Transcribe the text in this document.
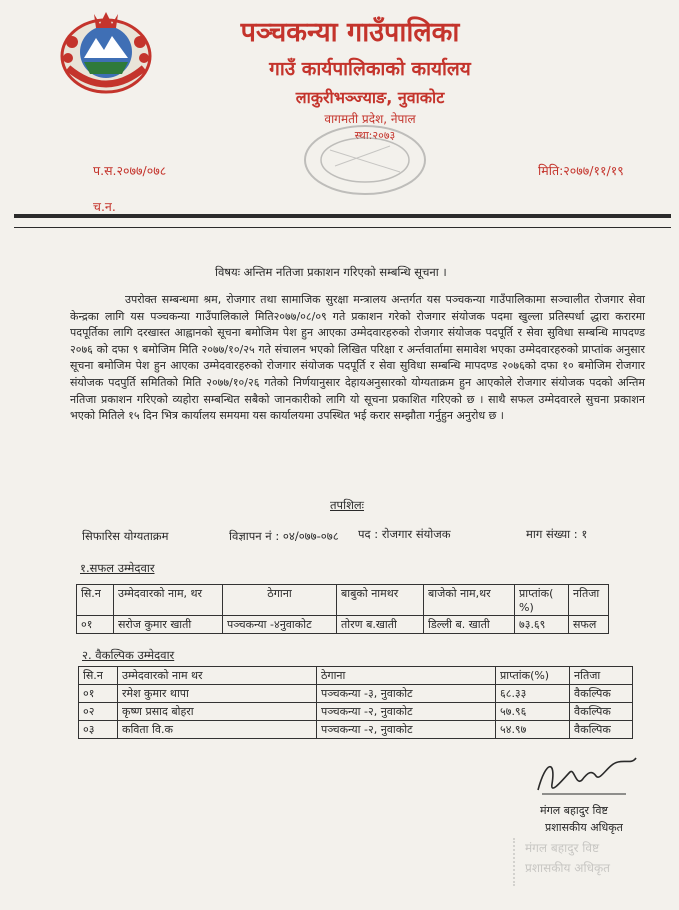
पञ्चकन्या गाउँपालिका
गाउँ कार्यपालिकाको कार्यालय
लाकुरीभञ्ज्याङ, नुवाकोट
वागमती प्रदेश, नेपाल
स्था:२०७३
प.स.२०७७/०७८	मिति:२०७७/११/१९
च.न.
विषयः अन्तिम नतिजा प्रकाशन गरिएको सम्बन्धि सूचना ।
उपरोक्त सम्बन्धमा श्रम, रोजगार तथा सामाजिक सुरक्षा मन्त्रालय अन्तर्गत यस पञ्चकन्या गाउँपालिकामा सञ्चालीत रोजगार सेवा केन्द्रका लागि यस पञ्चकन्या गाउँपालिकाले मिति२०७७/०८/०९ गते प्रकाशन गरेको रोजगार संयोजक पदमा खुल्ला प्रतिस्पर्धा द्धारा करारमा पदपूर्तिका लागि दरखास्त आह्वानको सूचना बमोजिम पेश हुन आएका उम्मेदवारहरुको रोजगार संयोजक पदपूर्ति र सेवा सुविधा सम्बन्धि मापदण्ड २०७६ को दफा ९ बमोजिम मिति २०७७/१०/२५ गते संचालन भएको लिखित परिक्षा र अर्न्तवार्तामा समावेश भएका उम्मेदवारहरुको प्राप्तांक अनुसार सूचना बमोजिम पेश हुन आएका उम्मेदवारहरुको रोजगार संयोजक पदपूर्ति र सेवा सुविधा सम्बन्धि मापदण्ड २०७६को दफा १० बमोजिम रोजगार संयोजक पदपुर्ति समितिको मिति २०७७/१०/२६ गतेको निर्णयानुसार देहायअनुसारको योग्यताक्रम हुन आएकोले रोजगार संयोजक पदको अन्तिम नतिजा प्रकाशन गरिएको व्यहोरा सम्बन्धित सबैको जानकारीको लागि यो सूचना प्रकाशित गरिएको छ । साथै सफल उम्मेदवारले सुचना प्रकाशन भएको मितिले १५ दिन भित्र कार्यालय समयमा यस कार्यालयमा उपस्थित भई करार सम्झौता गर्नुहुन अनुरोध छ ।
तपशिलः
सिफारिस योग्यताक्रम	विज्ञापन नं : ०४/०७७-०७८ पद : रोजगार संयोजक	माग संख्या : १
१.सफल उम्मेदवार
सि.न	उम्मेदवारको नाम, थर	ठेगाना	बाबुको नामथर	बाजेको नाम,थर	प्राप्तांक( %)	नतिजा
०१	सरोज कुमार खाती	पञ्चकन्या -४नुवाकोट	तोरण ब.खाती	डिल्ली ब. खाती	७३.६९	सफल
२. वैकल्पिक उम्मेदवार
सि.न	उम्मेदवारको नाम थर	ठेगाना	प्राप्तांक(%)	नतिजा
०१	रमेश कुमार थापा	पञ्चकन्या -३, नुवाकोट	६८.३३	वैकल्पिक
०२	कृष्ण प्रसाद बोहरा	पञ्चकन्या -२, नुवाकोट	५७.९६	वैकल्पिक
०३	कविता वि.क	पञ्चकन्या -२, नुवाकोट	५४.९७	वैकल्पिक
मंगल बहादुर विष्ट
प्रशासकीय अधिकृत
मंगल बहादुर विष्ट
प्रशासकीय अधिकृत
